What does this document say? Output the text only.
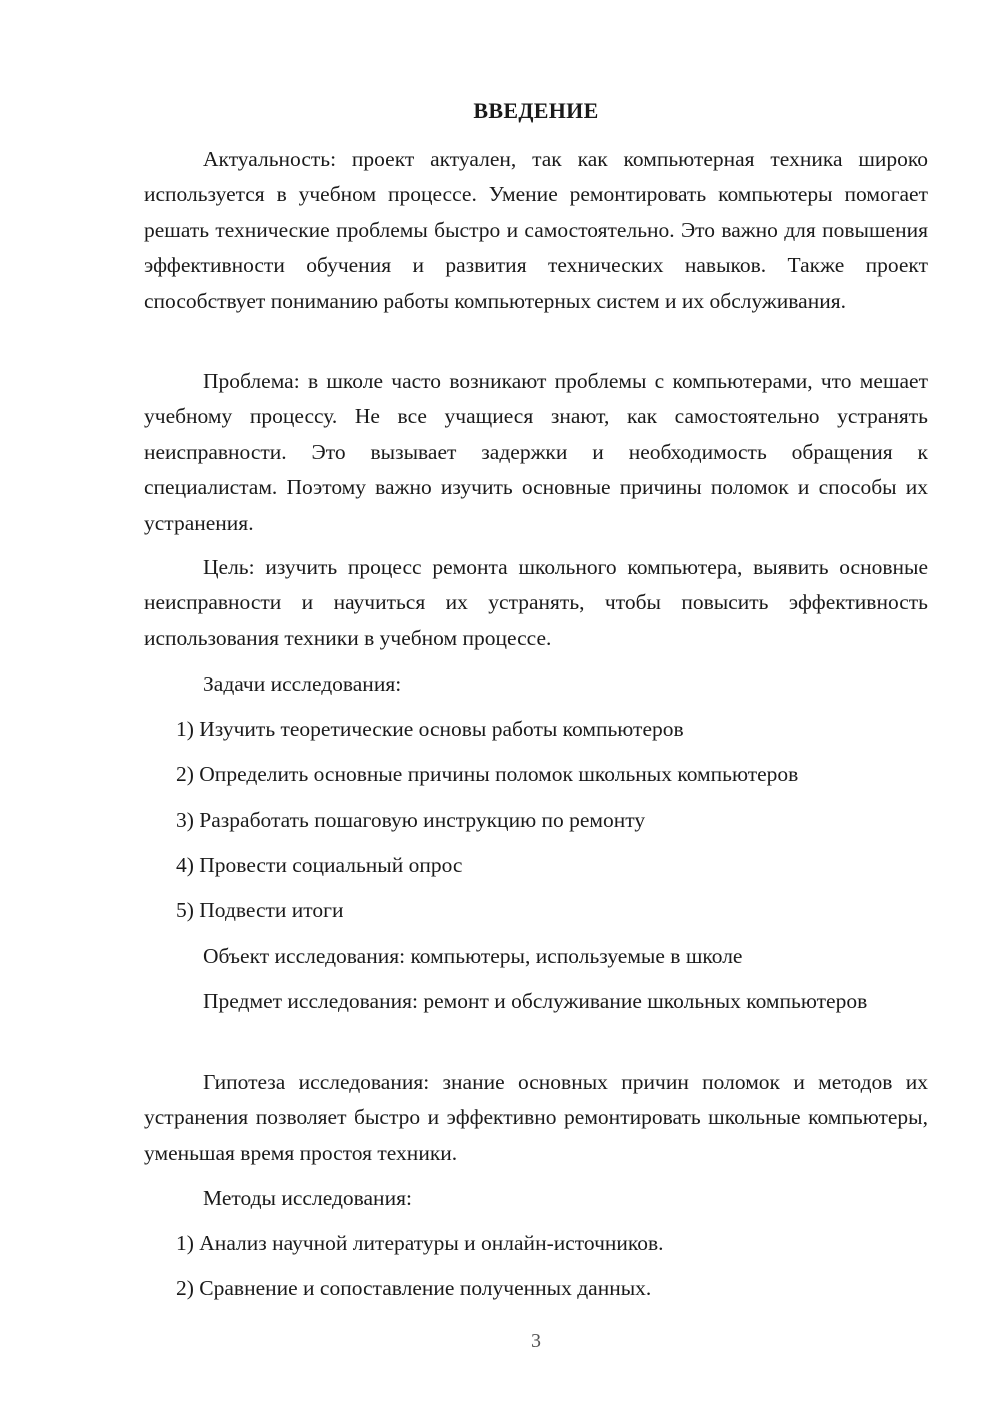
ВВЕДЕНИЕ

Актуальность: проект актуален, так как компьютерная техника широко используется в учебном процессе. Умение ремонтировать компьютеры помогает решать технические проблемы быстро и самостоятельно. Это важно для повышения эффективности обучения и развития технических навыков. Также проект способствует пониманию работы компьютерных систем и их обслуживания.

Проблема: в школе часто возникают проблемы с компьютерами, что мешает учебному процессу. Не все учащиеся знают, как самостоятельно устранять неисправности. Это вызывает задержки и необходимость обращения к специалистам. Поэтому важно изучить основные причины поломок и способы их устранения.

Цель: изучить процесс ремонта школьного компьютера, выявить основные неисправности и научиться их устранять, чтобы повысить эффективность использования техники в учебном процессе.

Задачи исследования:

1) Изучить теоретические основы работы компьютеров

2) Определить основные причины поломок школьных компьютеров

3) Разработать пошаговую инструкцию по ремонту

4) Провести социальный опрос

5) Подвести итоги

Объект исследования: компьютеры, используемые в школе

Предмет исследования: ремонт и обслуживание школьных компьютеров

Гипотеза исследования: знание основных причин поломок и методов их устранения позволяет быстро и эффективно ремонтировать школьные компьютеры, уменьшая время простоя техники.

Методы исследования:

1) Анализ научной литературы и онлайн-источников.

2) Сравнение и сопоставление полученных данных.

3
